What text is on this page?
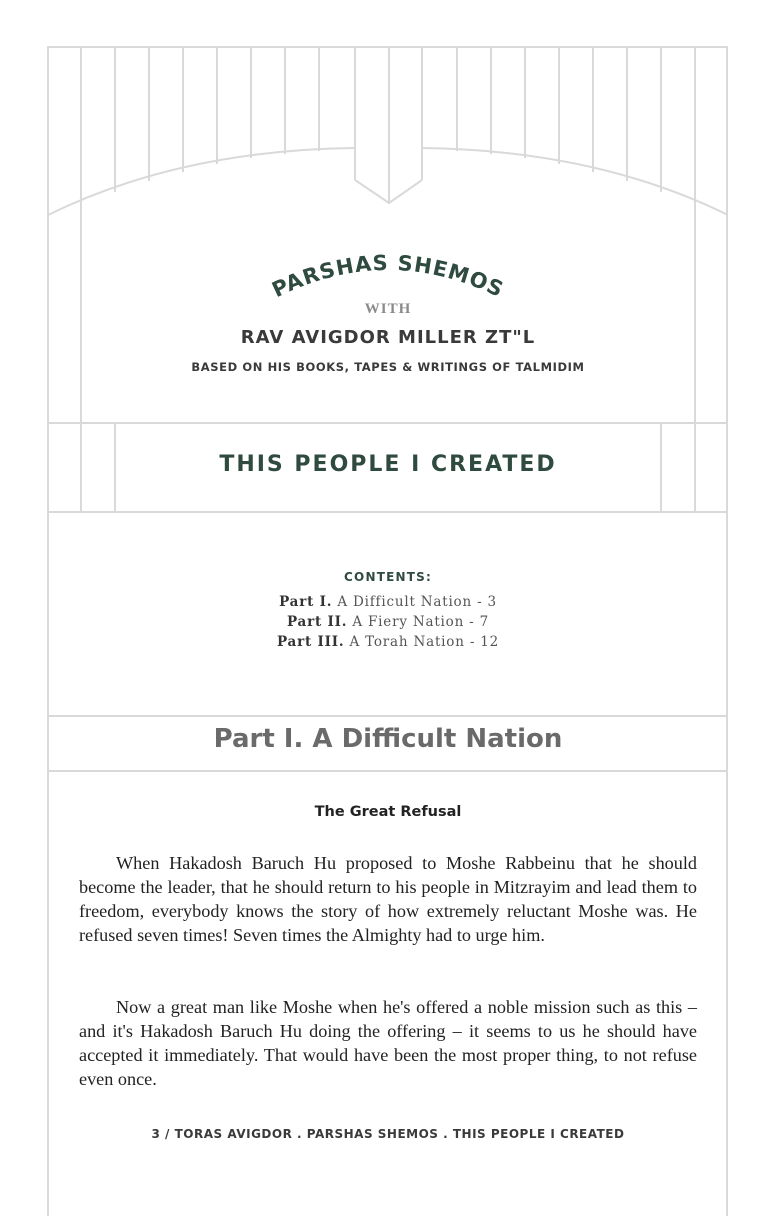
PARSHAS SHEMOS
WITH
RAV AVIGDOR MILLER ZT"L
BASED ON HIS BOOKS, TAPES & WRITINGS OF TALMIDIM
THIS PEOPLE I CREATED
CONTENTS:
Part I. A Difficult Nation - 3
Part II. A Fiery Nation - 7
Part III. A Torah Nation - 12
Part I. A Difficult Nation
The Great Refusal

When Hakadosh Baruch Hu proposed to Moshe Rabbeinu that he should become the leader, that he should return to his people in Mitzrayim and lead them to freedom, everybody knows the story of how extremely reluctant Moshe was. He refused seven times! Seven times the Almighty had to urge him.

Now a great man like Moshe when he's offered a noble mission such as this – and it's Hakadosh Baruch Hu doing the offering – it seems to us he should have accepted it immediately. That would have been the most proper thing, to not refuse even once.

3 / TORAS AVIGDOR . PARSHAS SHEMOS . THIS PEOPLE I CREATED
